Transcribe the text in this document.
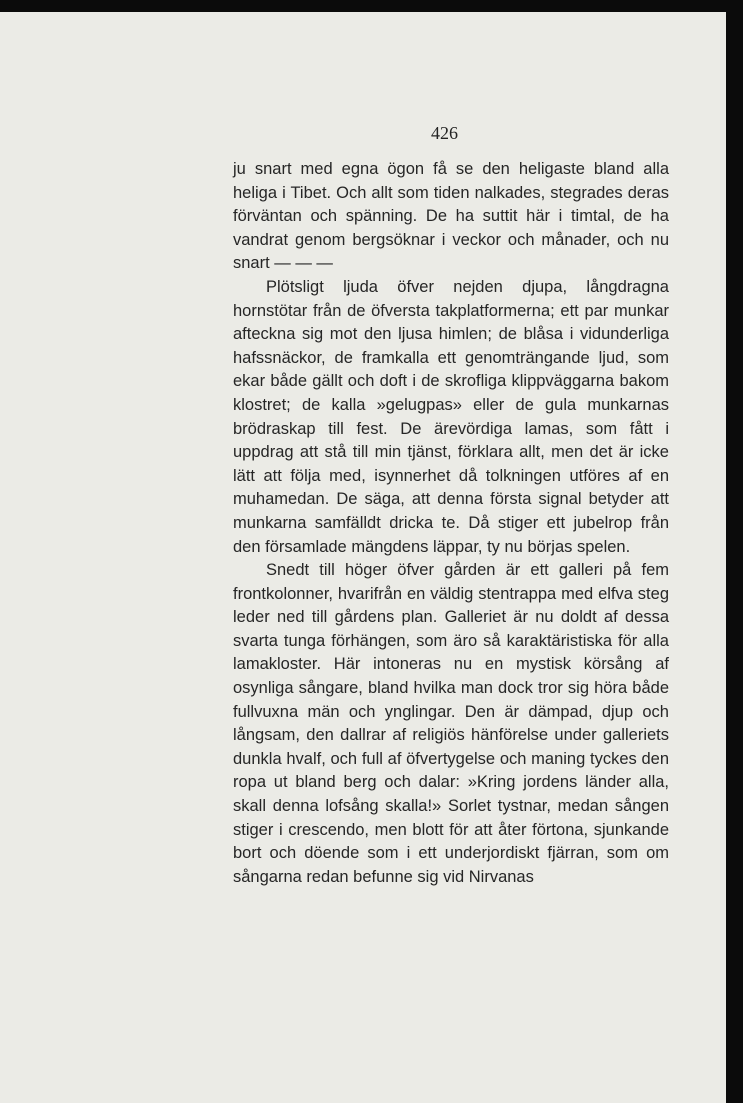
426

ju snart med egna ögon få se den heligaste bland alla heliga i Tibet. Och allt som tiden nalkades, stegrades deras förväntan och spänning. De ha suttit här i timtal, de ha vandrat genom bergsöknar i veckor och månader, och nu snart — — —

Plötsligt ljuda öfver nejden djupa, långdragna hornstötar från de öfversta takplatformerna; ett par munkar afteckna sig mot den ljusa himlen; de blåsa i vidunderliga hafssnäckor, de framkalla ett genomträngande ljud, som ekar både gällt och doft i de skrofliga klippväggarna bakom klostret; de kalla »gelugpas» eller de gula munkarnas brödraskap till fest. De ärevördiga lamas, som fått i uppdrag att stå till min tjänst, förklara allt, men det är icke lätt att följa med, isynnerhet då tolkningen utföres af en muhamedan. De säga, att denna första signal betyder att munkarna samfälldt dricka te. Då stiger ett jubelrop från den församlade mängdens läppar, ty nu börjas spelen.

Snedt till höger öfver gården är ett galleri på fem frontkolonner, hvarifrån en väldig stentrappa med elfva steg leder ned till gårdens plan. Galleriet är nu doldt af dessa svarta tunga förhängen, som äro så karaktäristiska för alla lamakloster. Här intoneras nu en mystisk körsång af osynliga sångare, bland hvilka man dock tror sig höra både fullvuxna män och ynglingar. Den är dämpad, djup och långsam, den dallrar af religiös hänförelse under galleriets dunkla hvalf, och full af öfvertygelse och maning tyckes den ropa ut bland berg och dalar: »Kring jordens länder alla, skall denna lofsång skalla!» Sorlet tystnar, medan sången stiger i crescendo, men blott för att åter förtona, sjunkande bort och döende som i ett underjordiskt fjärran, som om sångarna redan befunne sig vid Nirvanas
